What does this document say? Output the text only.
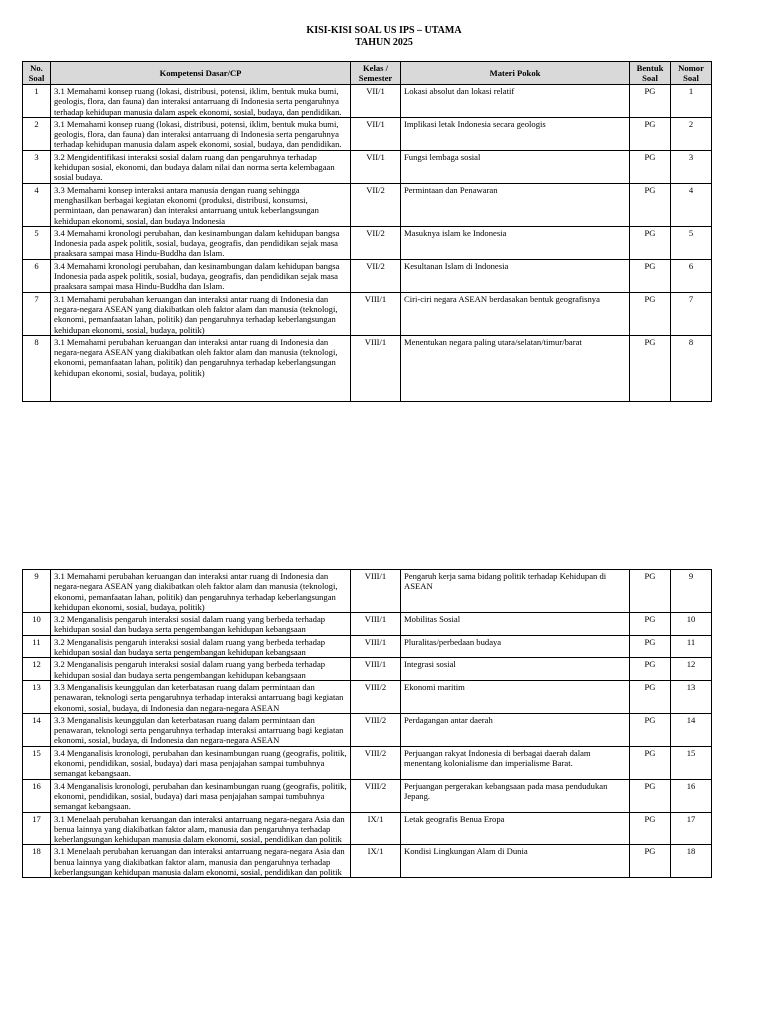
KISI-KISI SOAL US IPS – UTAMA
TAHUN 2025
No. Soal	Kompetensi Dasar/CP	Kelas / Semester	Materi Pokok	Bentuk Soal	Nomor Soal
1	3.1 Memahami konsep ruang (lokasi, distribusi, potensi, iklim, bentuk muka bumi, geologis, flora, dan fauna) dan interaksi antarruang di Indonesia serta pengaruhnya terhadap kehidupan manusia dalam aspek ekonomi, sosial, budaya, dan pendidikan.	VII/1	Lokasi absolut dan lokasi relatif	PG	1
2	3.1 Memahami konsep ruang (lokasi, distribusi, potensi, iklim, bentuk muka bumi, geologis, flora, dan fauna) dan interaksi antarruang di Indonesia serta pengaruhnya terhadap kehidupan manusia dalam aspek ekonomi, sosial, budaya, dan pendidikan.	VII/1	Implikasi letak Indonesia secara geologis	PG	2
3	3.2 Mengidentifikasi interaksi sosial dalam ruang dan pengaruhnya terhadap kehidupan sosial, ekonomi, dan budaya dalam nilai dan norma serta kelembagaan sosial budaya.	VII/1	Fungsi lembaga sosial	PG	3
4	3.3 Memahami konsep interaksi antara manusia dengan ruang sehingga menghasilkan berbagai kegiatan ekonomi (produksi, distribusi, konsumsi, permintaan, dan penawaran) dan interaksi antarruang untuk keberlangsungan kehidupan ekonomi, sosial, dan budaya Indonesia	VII/2	Permintaan dan Penawaran	PG	4
5	3.4 Memahami kronologi perubahan, dan kesinambungan dalam kehidupan bangsa Indonesia pada aspek politik, sosial, budaya, geografis, dan pendidikan sejak masa praaksara sampai masa Hindu-Buddha dan Islam.	VII/2	Masuknya islam ke Indonesia	PG	5
6	3.4 Memahami kronologi perubahan, dan kesinambungan dalam kehidupan bangsa Indonesia pada aspek politik, sosial, budaya, geografis, dan pendidikan sejak masa praaksara sampai masa Hindu-Buddha dan Islam.	VII/2	Kesultanan Islam di Indonesia	PG	6
7	3.1 Memahami perubahan keruangan dan interaksi antar ruang di Indonesia dan negara-negara ASEAN yang diakibatkan oleh faktor alam dan manusia (teknologi, ekonomi, pemanfaatan lahan, politik) dan pengaruhnya terhadap keberlangsungan kehidupan ekonomi, sosial, budaya, politik)	VIII/1	Ciri-ciri negara ASEAN berdasakan bentuk geografisnya	PG	7
8	3.1 Memahami perubahan keruangan dan interaksi antar ruang di Indonesia dan negara-negara ASEAN yang diakibatkan oleh faktor alam dan manusia (teknologi, ekonomi, pemanfaatan lahan, politik) dan pengaruhnya terhadap keberlangsungan kehidupan ekonomi, sosial, budaya, politik)	VIII/1	Menentukan negara paling utara/selatan/timur/barat	PG	8
9	3.1 Memahami perubahan keruangan dan interaksi antar ruang di Indonesia dan negara-negara ASEAN yang diakibatkan oleh faktor alam dan manusia (teknologi, ekonomi, pemanfaatan lahan, politik) dan pengaruhnya terhadap keberlangsungan kehidupan ekonomi, sosial, budaya, politik)	VIII/1	Pengaruh kerja sama bidang politik terhadap Kehidupan di ASEAN	PG	9
10	3.2 Menganalisis pengaruh interaksi sosial dalam ruang yang berbeda terhadap kehidupan sosial dan budaya serta pengembangan kehidupan kebangsaan	VIII/1	Mobilitas Sosial	PG	10
11	3.2 Menganalisis pengaruh interaksi sosial dalam ruang yang berbeda terhadap kehidupan sosial dan budaya serta pengembangan kehidupan kebangsaan	VIII/1	Pluralitas/perbedaan budaya	PG	11
12	3.2 Menganalisis pengaruh interaksi sosial dalam ruang yang berbeda terhadap kehidupan sosial dan budaya serta pengembangan kehidupan kebangsaan	VIII/1	Integrasi sosial	PG	12
13	3.3 Menganalisis keunggulan dan keterbatasan ruang dalam permintaan dan penawaran, teknologi serta pengaruhnya terhadap interaksi antarruang bagi kegiatan ekonomi, sosial, budaya, di Indonesia dan negara-negara ASEAN	VIII/2	Ekonomi maritim	PG	13
14	3.3 Menganalisis keunggulan dan keterbatasan ruang dalam permintaan dan penawaran, teknologi serta pengaruhnya terhadap interaksi antarruang bagi kegiatan ekonomi, sosial, budaya, di Indonesia dan negara-negara ASEAN	VIII/2	Perdagangan antar daerah	PG	14
15	3.4 Menganalisis kronologi, perubahan dan kesinambungan ruang (geografis, politik, ekonomi, pendidikan, sosial, budaya) dari masa penjajahan sampai tumbuhnya semangat kebangsaan.	VIII/2	Perjuangan rakyat Indonesia di berbagai daerah dalam menentang kolonialisme dan imperialisme Barat.	PG	15
16	3.4 Menganalisis kronologi, perubahan dan kesinambungan ruang (geografis, politik, ekonomi, pendidikan, sosial, budaya) dari masa penjajahan sampai tumbuhnya semangat kebangsaan.	VIII/2	Perjuangan pergerakan kebangsaan pada masa pendudukan Jepang.	PG	16
17	3.1 Menelaah perubahan keruangan dan interaksi antarruang negara-negara Asia dan benua lainnya yang diakibatkan faktor alam, manusia dan pengaruhnya terhadap keberlangsungan kehidupan manusia dalam ekonomi, sosial, pendidikan dan politik	IX/1	Letak geografis Benua Eropa	PG	17
18	3.1 Menelaah perubahan keruangan dan interaksi antarruang negara-negara Asia dan benua lainnya yang diakibatkan faktor alam, manusia dan pengaruhnya terhadap keberlangsungan kehidupan manusia dalam ekonomi, sosial, pendidikan dan politik	IX/1	Kondisi Lingkungan Alam di Dunia	PG	18
